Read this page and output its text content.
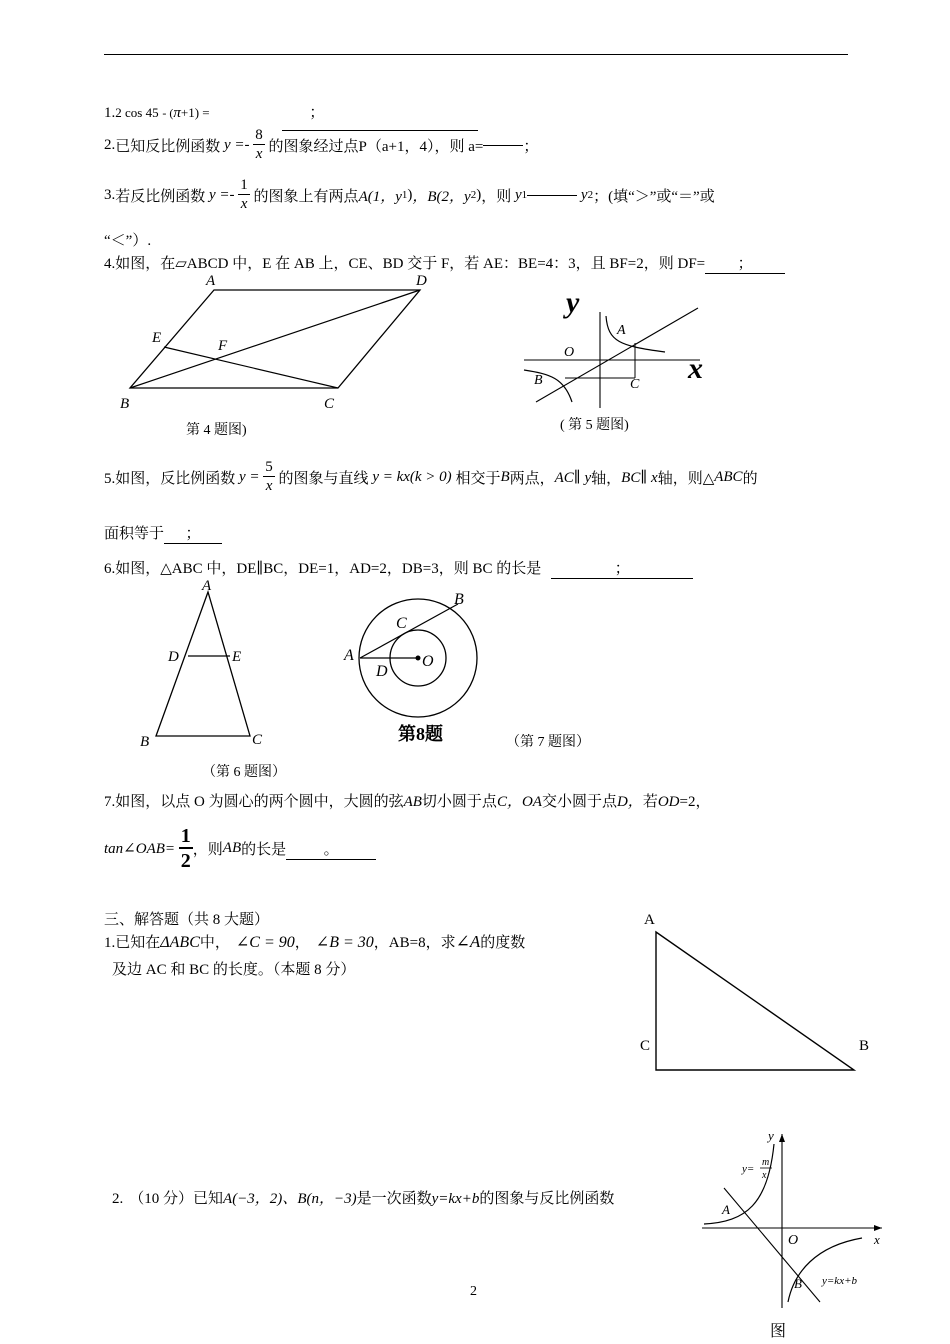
1.2 cos 45 - (π+1) =	；
2.已知反比例函数 $y =- \frac{8}{x}$ 的图象经过点P（a+1，4），则 a=	；
3.若反比例函数 $y =- \frac{1}{x}$ 的图象上有两点A(1，y1)，B(2，y2)，则 y1	y2；(填“＞”或“＝”或
“＜”）.
4.如图，在▱ABCD 中，E 在 AB 上，CE、BD 交于 F，若 AE：BE=4：3，且 BF=2，则 DF= ；
A	D
E	F
B	C
第 4 题图)
y
x
O
A
B	C
( 第 5 题图)
5.如图，反比例函数 $y = \frac{5}{x}$ 的图象与直线 y = kx(k > 0) 相交于B两点，AC∥ y轴，BC∥ x轴，则△ABC的
面积等于 ；
6.如图，△ABC 中，DE∥BC，DE=1，AD=2，DB=3，则 BC 的长是	；
A
D	E
B	C
（第 6 题图）
A
B
C
D
O
第8题	（第 7 题图）
7.如图，以点 O 为圆心的两个圆中，大圆的弦AB切小圆于点C，OA交小圆于点D，若OD=2，
tan∠OAB= $\frac{1}{2}$ ，则AB的长是 。
三、解答题（共 8 大题）
1.已知在ΔABC中， ∠C = 90， ∠B = 30，AB=8，求∠A的度数
及边 AC 和 BC 的长度。（本题 8 分）
A
C	B
2. （10 分）已知A(−3，2)、B(n，−3)是一次函数y=kx+b的图象与反比例函数
y
x
O
A
B
y=
m
x
y=kx+b
图
2
